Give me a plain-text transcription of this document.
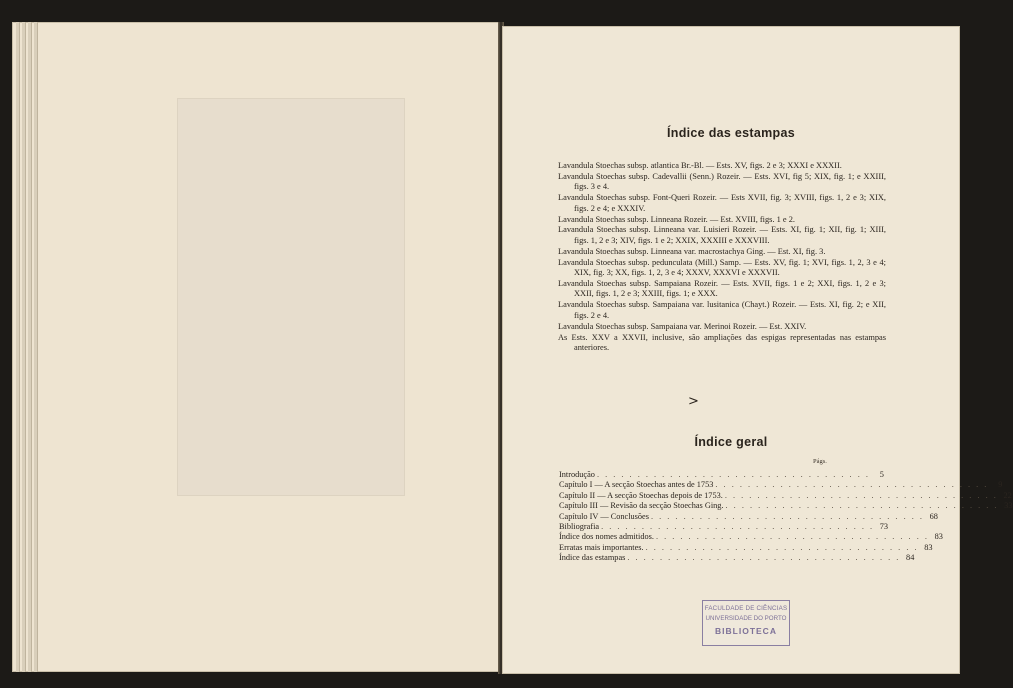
Índice das estampas

Lavandula Stoechas subsp. atlantica Br.-Bl. — Ests. XV, figs. 2 e 3; XXXI e XXXII.

Lavandula Stoechas subsp. Cadevallii (Senn.) Rozeir. — Ests. XVI, fig 5; XIX, fig. 1; e XXIII, figs. 3 e 4.

Lavandula Stoechas subsp. Font-Queri Rozeir. — Ests XVII, fig. 3; XVIII, figs. 1, 2 e 3; XIX, figs. 2 e 4; e XXXIV.

Lavandula Stoechas subsp. Linneana Rozeir. — Est. XVIII, figs. 1 e 2.

Lavandula Stoechas subsp. Linneana var. Luisieri Rozeir. — Ests. XI, fig. 1; XII, fig. 1; XIII, figs. 1, 2 e 3; XIV, figs. 1 e 2; XXIX, XXXIII e XXXVIII.

Lavandula Stoechas subsp. Linneana var. macrostachya Ging. — Est. XI, fig. 3.

Lavandula Stoechas subsp. pedunculata (Mill.) Samp. — Ests. XV, fig. 1; XVI, figs. 1, 2, 3 e 4; XIX, fig. 3; XX, figs. 1, 2, 3 e 4; XXXV, XXXVI e XXXVII.

Lavandula Stoechas subsp. Sampaiana Rozeir. — Ests. XVII, figs. 1 e 2; XXI, figs. 1, 2 e 3; XXII, figs. 1, 2 e 3; XXIII, figs. 1; e XXX.

Lavandula Stoechas subsp. Sampaiana var. lusitanica (Chayt.) Rozeir. — Ests. XI, fig. 2; e XII, figs. 2 e 4.

Lavandula Stoechas subsp. Sampaiana var. Merinoi Rozeir. — Est. XXIV.

As Ests. XXV a XXVII, inclusive, são ampliações das espigas representadas nas estampas anteriores.

>
Índice geral
Págs.
Introdução . . . . . . . . . . . . . . . . . . . . . . . . . . . . . . . . . .	5
Capítulo I — A secção Stoechas antes de 1753 . . . . . . . . . . . . . . . . . . . . . . . . . . . . . . . . . .	9
Capítulo II — A secção Stoechas depois de 1753. . . . . . . . . . . . . . . . . . . . . . . . . . . . . . . . . . . 22
Capítulo III — Revisão da secção Stoechas Ging. . . . . . . . . . . . . . . . . . . . . . . . . . . . . . . . . . . 33
Capítulo IV — Conclusões . . . . . . . . . . . . . . . . . . . . . . . . . . . . . . . . . . 68
Bibliografia . . . . . . . . . . . . . . . . . . . . . . . . . . . . . . . . . . 73
Índice dos nomes admitidos. . . . . . . . . . . . . . . . . . . . . . . . . . . . . . . . . . . 83
Erratas mais importantes. . . . . . . . . . . . . . . . . . . . . . . . . . . . . . . . . . . 83
Índice das estampas . . . . . . . . . . . . . . . . . . . . . . . . . . . . . . . . . . 84
FACULDADE DE CIÊNCIAS
UNIVERSIDADE DO PORTO
BIBLIOTECA
